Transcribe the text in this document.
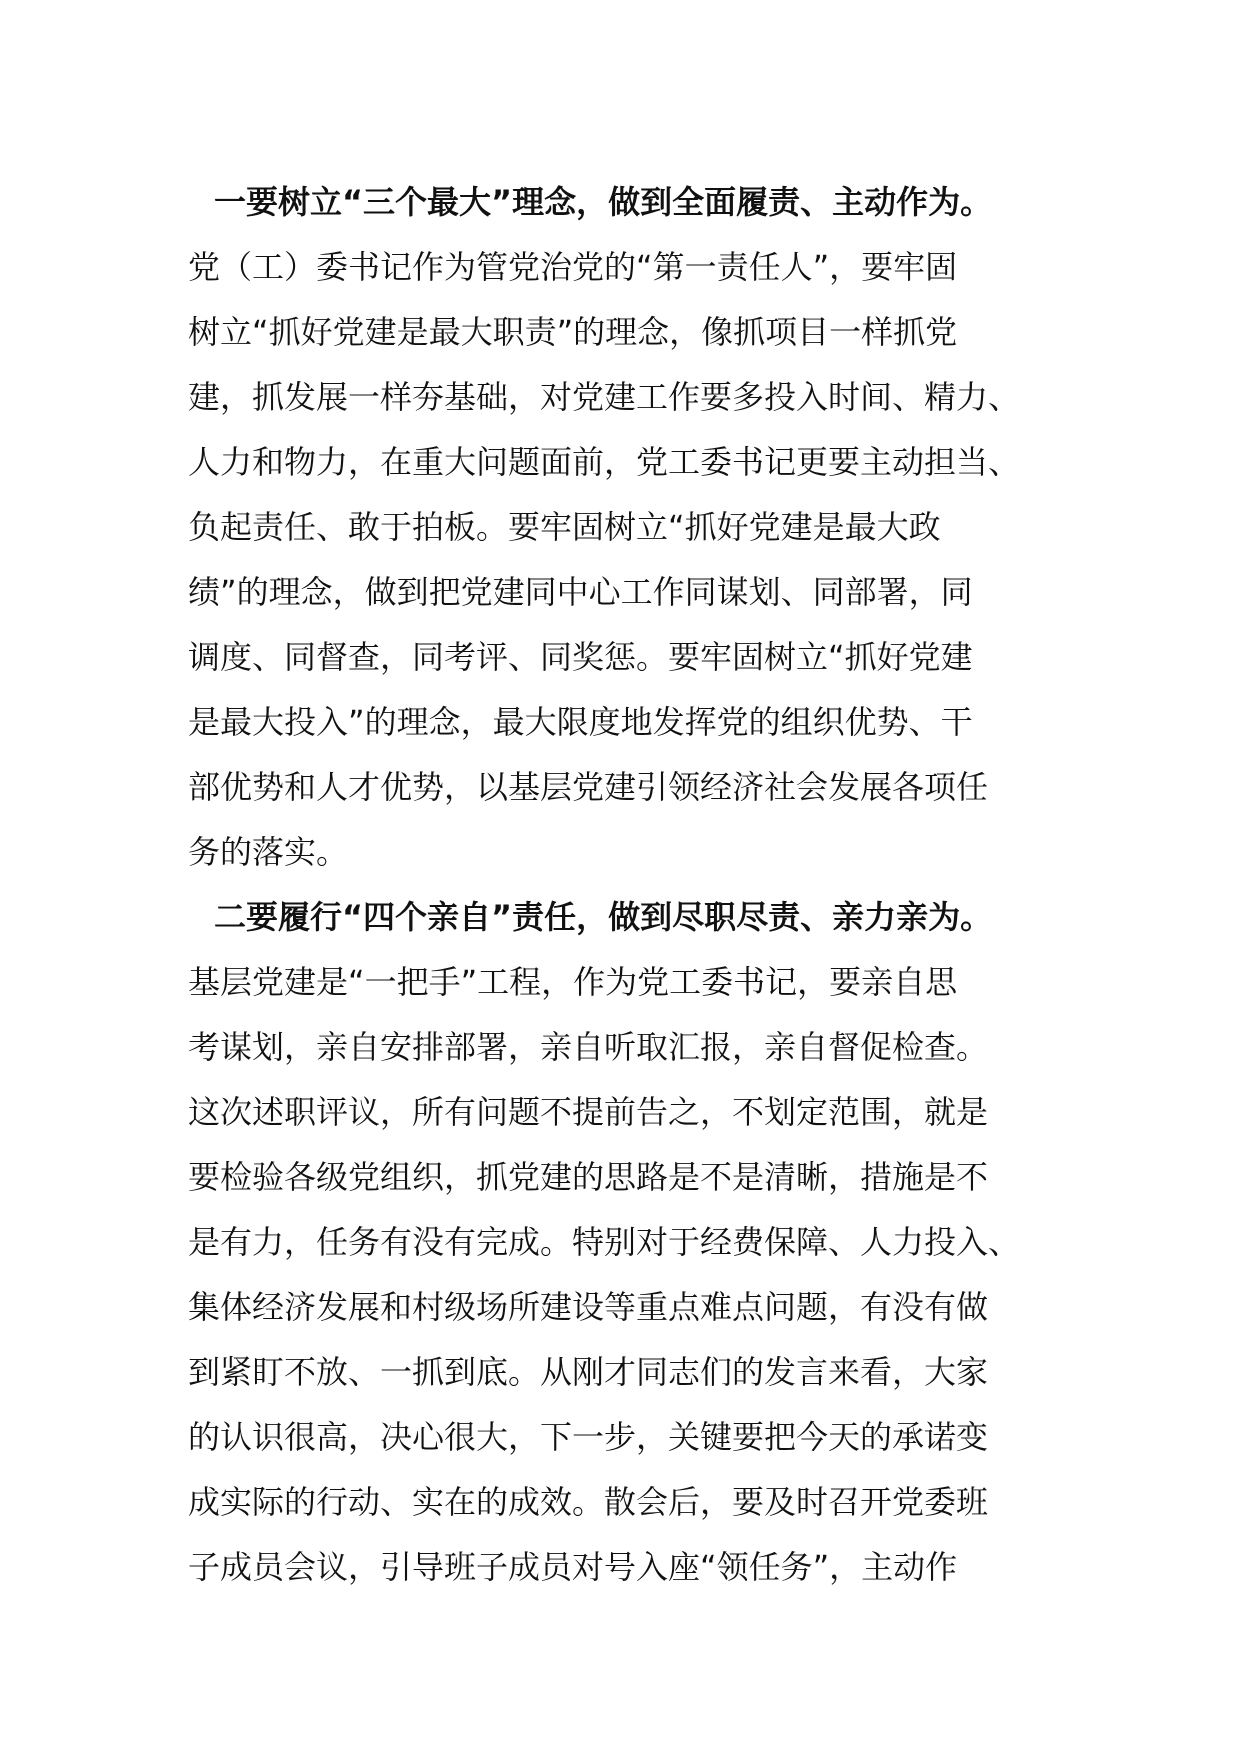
一要树立“三个最大”理念，做到全面履责、主动作为。
党（工）委书记作为管党治党的“第一责任人”，要牢固
树立“抓好党建是最大职责”的理念，像抓项目一样抓党
建，抓发展一样夯基础，对党建工作要多投入时间、精力、
人力和物力，在重大问题面前，党工委书记更要主动担当、
负起责任、敢于拍板。要牢固树立“抓好党建是最大政
绩”的理念，做到把党建同中心工作同谋划、同部署，同
调度、同督查，同考评、同奖惩。要牢固树立“抓好党建
是最大投入”的理念，最大限度地发挥党的组织优势、干
部优势和人才优势，以基层党建引领经济社会发展各项任
务的落实。
二要履行“四个亲自”责任，做到尽职尽责、亲力亲为。
基层党建是“一把手”工程，作为党工委书记，要亲自思
考谋划，亲自安排部署，亲自听取汇报，亲自督促检查。
这次述职评议，所有问题不提前告之，不划定范围，就是
要检验各级党组织，抓党建的思路是不是清晰，措施是不
是有力，任务有没有完成。特别对于经费保障、人力投入、
集体经济发展和村级场所建设等重点难点问题，有没有做
到紧盯不放、一抓到底。从刚才同志们的发言来看，大家
的认识很高，决心很大，下一步，关键要把今天的承诺变
成实际的行动、实在的成效。散会后，要及时召开党委班
子成员会议，引导班子成员对号入座“领任务”，主动作
